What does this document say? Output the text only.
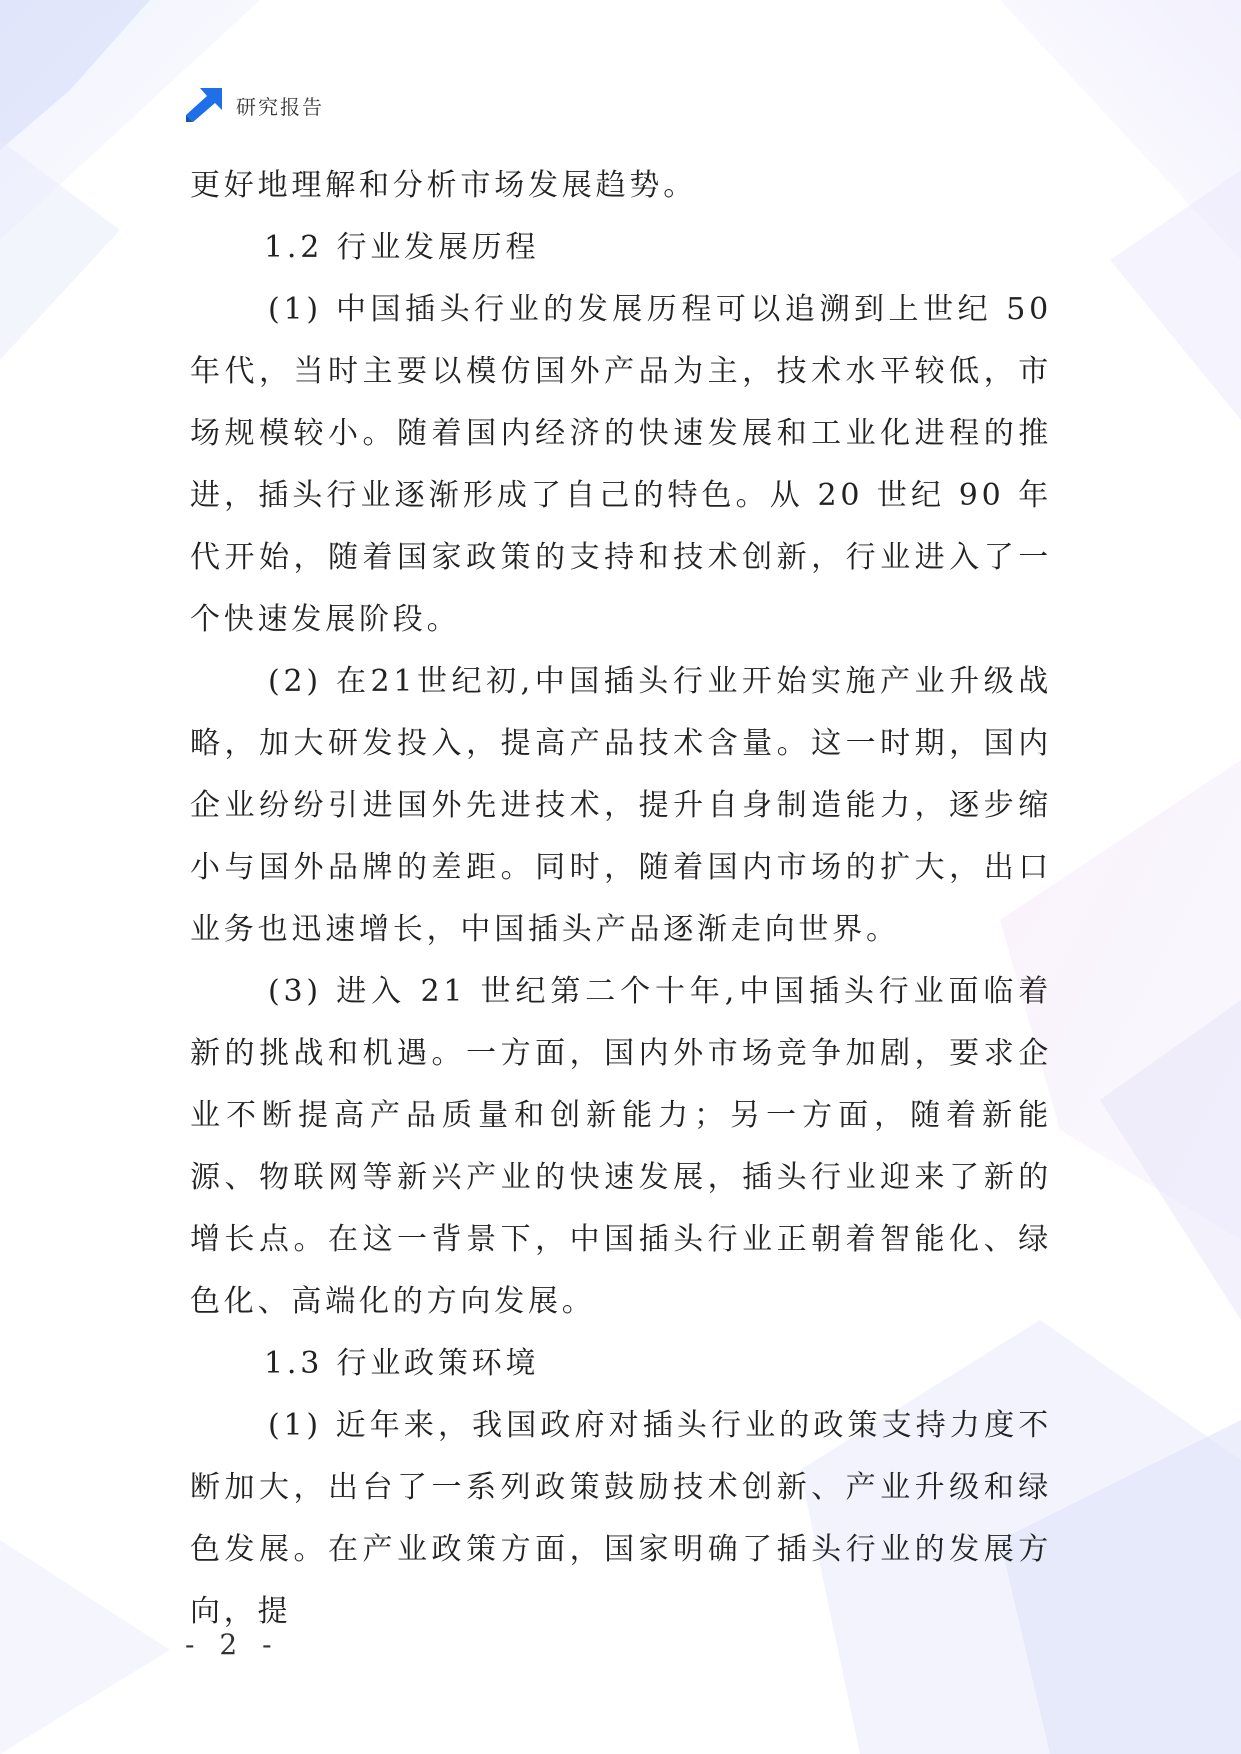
研究报告

更好地理解和分析市场发展趋势。

1.2 行业发展历程

(1) 中国插头行业的发展历程可以追溯到上世纪 50 年代，当时主要以模仿国外产品为主，技术水平较低，市场规模较小。随着国内经济的快速发展和工业化进程的推进，插头行业逐渐形成了自己的特色。从 20 世纪 90 年代开始，随着国家政策的支持和技术创新，行业进入了一个快速发展阶段。

(2) 在21世纪初,中国插头行业开始实施产业升级战略，加大研发投入，提高产品技术含量。这一时期，国内企业纷纷引进国外先进技术，提升自身制造能力，逐步缩小与国外品牌的差距。同时，随着国内市场的扩大，出口业务也迅速增长，中国插头产品逐渐走向世界。

(3) 进入 21 世纪第二个十年,中国插头行业面临着新的挑战和机遇。一方面，国内外市场竞争加剧，要求企业不断提高产品质量和创新能力；另一方面，随着新能源、物联网等新兴产业的快速发展，插头行业迎来了新的增长点。在这一背景下，中国插头行业正朝着智能化、绿色化、高端化的方向发展。

1.3 行业政策环境

(1) 近年来，我国政府对插头行业的政策支持力度不断加大，出台了一系列政策鼓励技术创新、产业升级和绿色发展。在产业政策方面，国家明确了插头行业的发展方向，提

- 2 -
